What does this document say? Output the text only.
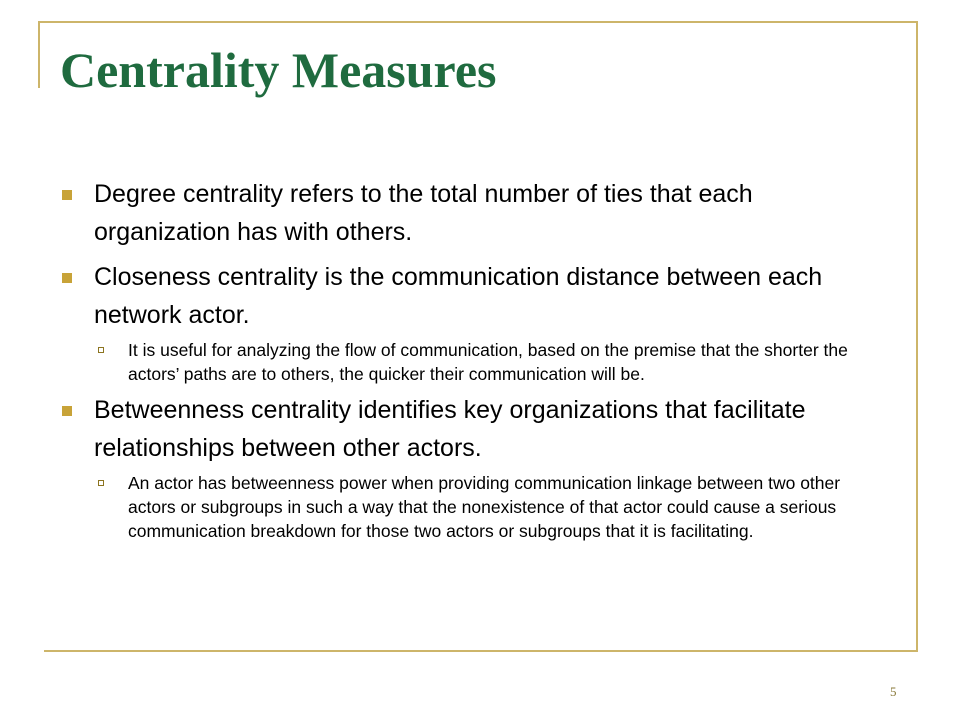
Centrality Measures
Degree centrality refers to the total number of ties that each organization has with others.
Closeness centrality is the communication distance between each network actor.
It is useful for analyzing the flow of communication, based on the premise that the shorter the actors’ paths are to others, the quicker their communication will be.
Betweenness centrality identifies key organizations that facilitate relationships between other actors.
An actor has betweenness power when providing communication linkage between two other actors or subgroups in such a way that the nonexistence of that actor could cause a serious communication breakdown for those two actors or subgroups that it is facilitating.
5
